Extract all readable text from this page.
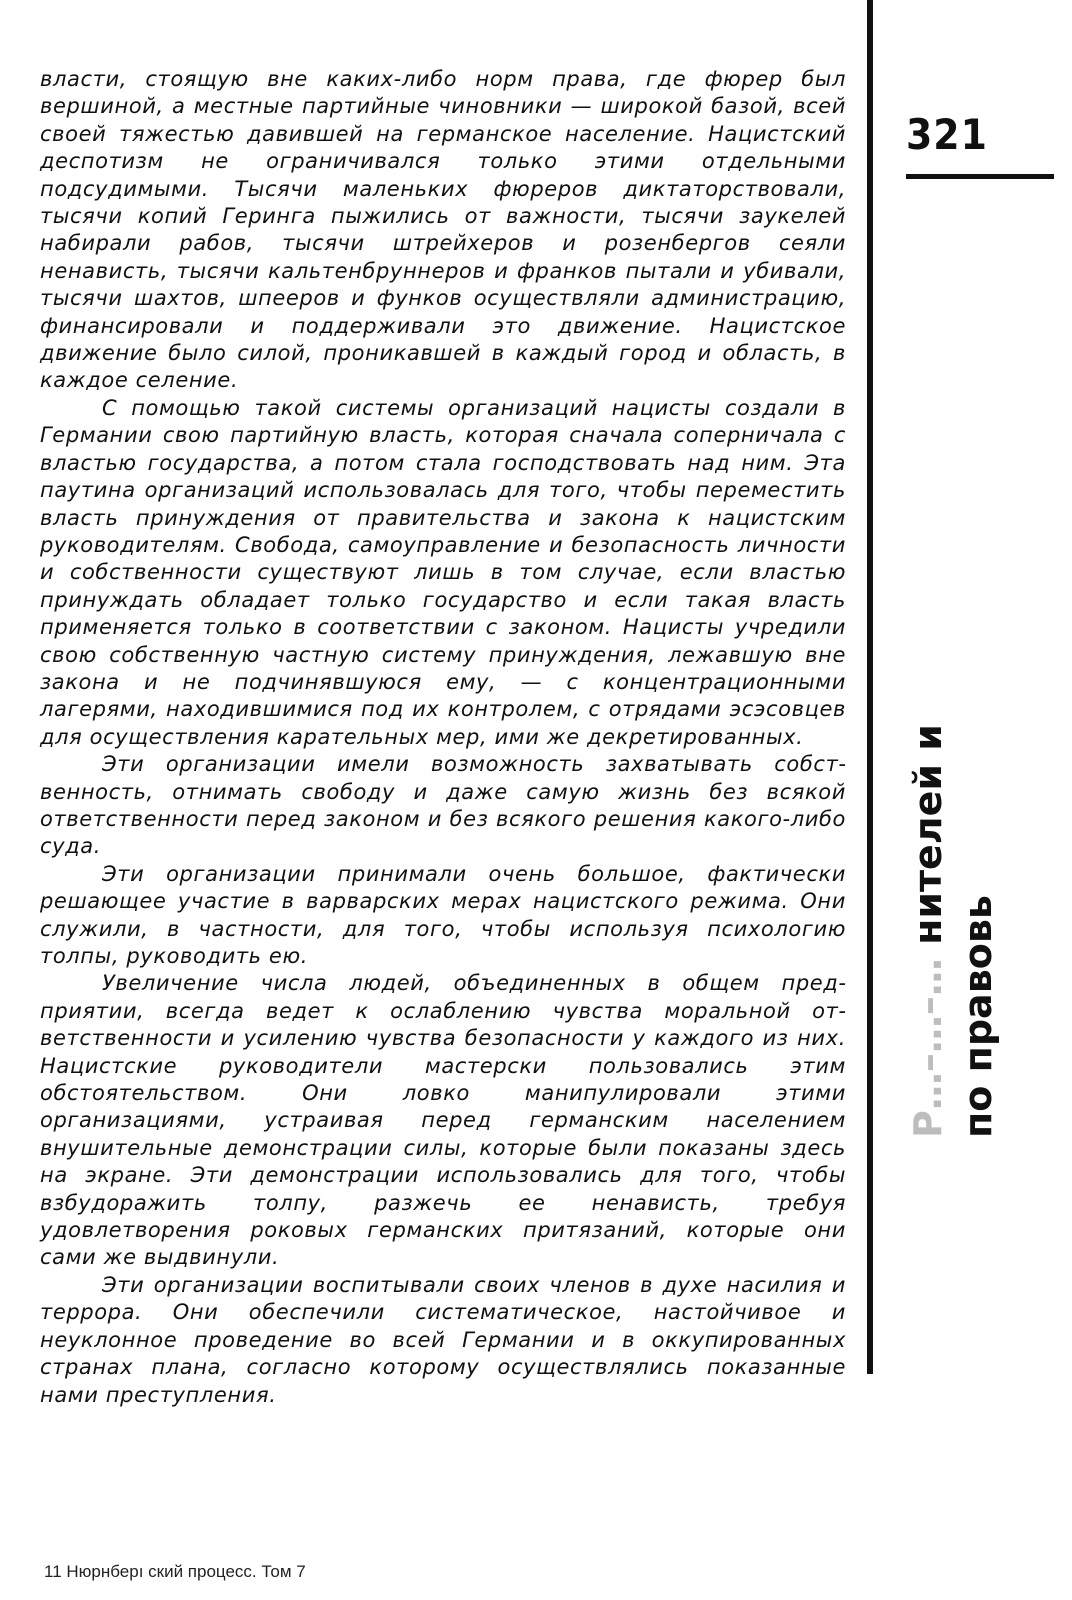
власти, стоящую вне каких-либо норм права, где фюрер был вершиной, а местные партийные чиновники — широкой базой, всей своей тяжестью давившей на германское население. Нацистский деспотизм не ограничивался только этими отдельными подсудимыми. Тысячи маленьких фюреров диктаторствовали, тысячи копий Геринга пыжились от важности, тысячи заукелей набирали рабов, тысячи штрейхеров и розенбергов сеяли ненависть, тысячи кальтенбруннеров и франков пытали и убивали, тысячи шахтов, шпееров и функов осуществляли администрацию, финансировали и поддерживали это движение. Нацистское движение было силой, проникавшей в каждый город и область, в каждое селение.

С помощью такой системы организаций нацисты создали в Германии свою партийную власть, которая сначала соперничала с властью государства, а потом стала господствовать над ним. Эта паутина организаций использовалась для того, чтобы переместить власть принуждения от правительства и закона к нацистским руководителям. Свобода, самоуправление и безопасность личности и собственности существуют лишь в том случае, если властью принуждать обладает только государство и если такая власть применяется только в соответствии с законом. Нацисты учредили свою собственную частную систему принуждения, лежавшую вне закона и не подчинявшуюся ему, — с концентрационными лагерями, находившимися под их контролем, с отрядами эсэсовцев для осуществления карательных мер, ими же декретированных.

Эти организации имели возможность захватывать собственность, отнимать свободу и даже самую жизнь без всякой ответственности перед законом и без всякого решения какого-либо суда.

Эти организации принимали очень большое, фактически решающее участие в варварских мерах нацистского режима. Они служили, в частности, для того, чтобы используя психологию толпы, руководить ею.

Увеличение числа людей, объединенных в общем предприятии, всегда ведет к ослаблению чувства моральной ответственности и усилению чувства безопасности у каждого из них. Нацистские руководители мастерски пользовались этим обстоятельством. Они ловко манипулировали этими организациями, устраивая перед германским населением внушительные демонстрации силы, которые были показаны здесь на экране. Эти демонстрации использовались для того, чтобы взбудоражить толпу, разжечь ее ненависть, требуя удовлетворения роковых германских притязаний, которые они сами же выдвинули.

Эти организации воспитывали своих членов в духе насилия и террора. Они обеспечили систематическое, настойчивое и неуклонное проведение во всей Германии и в оккупированных странах плана, согласно которому осуществлялись показанные нами преступления.

321
Р…–…–… нителей и
по правовь
11 Нюрнберı ский процесс. Том 7
